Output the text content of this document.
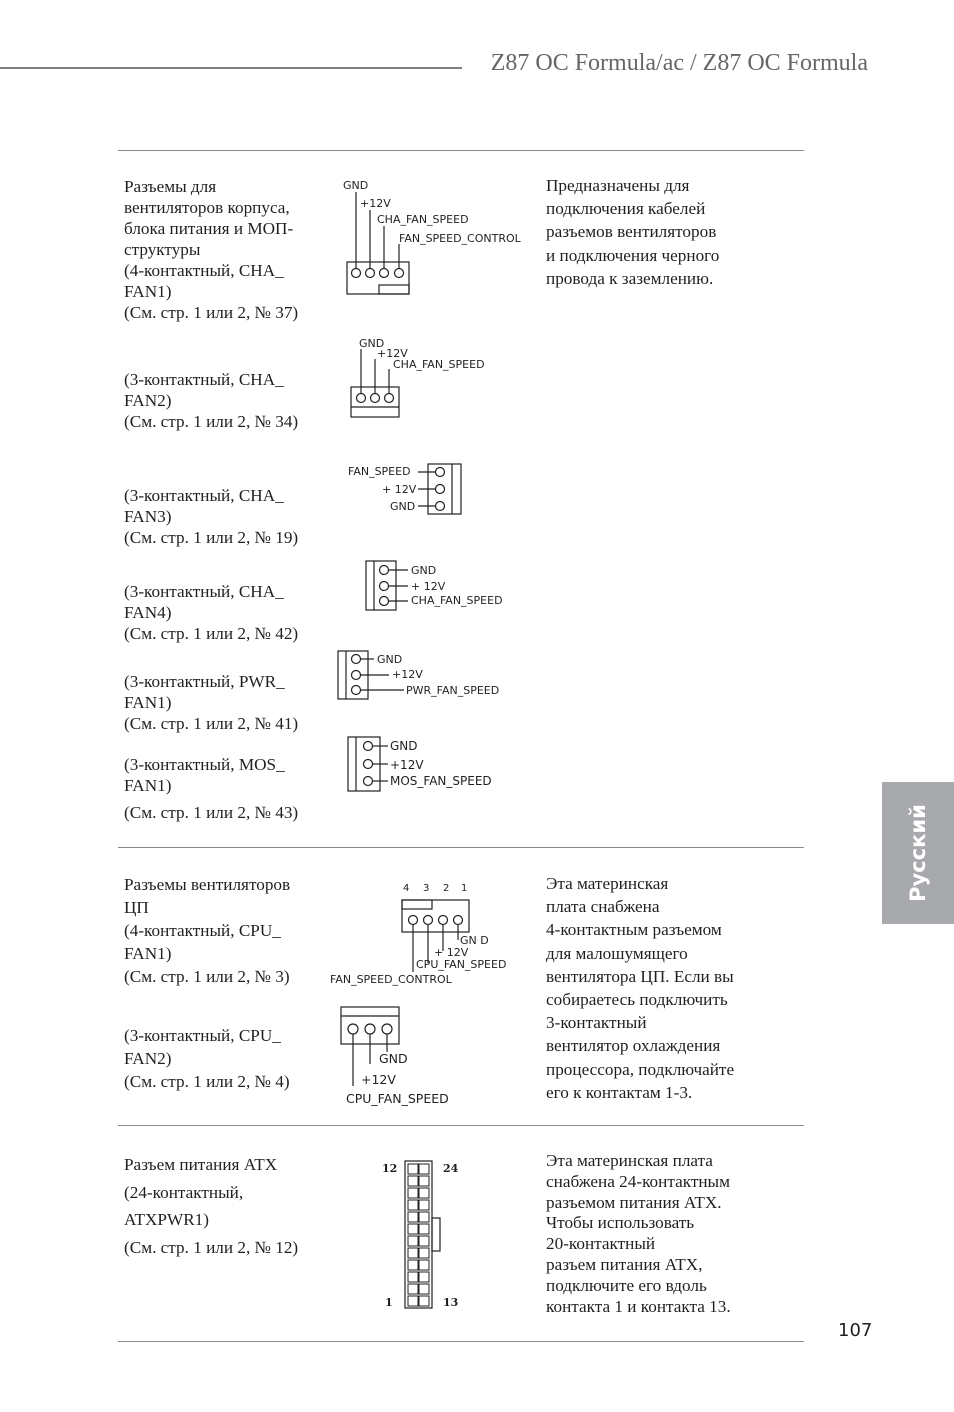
Z87 OC Formula/ac / Z87 OC Formula
Разъемы для
вентиляторов корпуса,
блока питания и МОП-
структуры
(4-контактный, CHA_
FAN1)
(См. стр. 1 или 2, № 37)
Предназначены для
подключения кабелей
разъемов вентиляторов
и подключения черного
провода к заземлению.
GND
+12V
CHA_FAN_SPEED
FAN_SPEED_CONTROL
(3-контактный, CHA_
FAN2)
(См. стр. 1 или 2, № 34)
GND
+12V
CHA_FAN_SPEED
(3-контактный, CHA_
FAN3)
(См. стр. 1 или 2, № 19)
FAN_SPEED
+ 12V
GND
(3-контактный, CHA_
FAN4)
(См. стр. 1 или 2, № 42)
GND
+ 12V
CHA_FAN_SPEED
(3-контактный, PWR_
FAN1)
(См. стр. 1 или 2, № 41)
GND
+12V
PWR_FAN_SPEED
(3-контактный, MOS_
FAN1)
(См. стр. 1 или 2, № 43)
GND
+12V
MOS_FAN_SPEED
Разъемы вентиляторов
ЦП
(4-контактный, CPU_
FAN1)
(См. стр. 1 или 2, № 3)
Эта материнская
плата снабжена
4-контактным разъемом
для малошумящего
вентилятора ЦП. Если вы
собираетесь подключить
3-контактный
вентилятор охлаждения
процессора, подключайте
его к контактам 1-3.
4 3 2 1
GN D
+ 12V
CPU_FAN_SPEED
FAN_SPEED_CONTROL
(3-контактный, CPU_
FAN2)
(См. стр. 1 или 2, № 4)
GND
+12V
CPU_FAN_SPEED
Разъем питания ATX
(24-контактный,
ATXPWR1)
(См. стр. 1 или 2, № 12)
Эта материнская плата
снабжена 24-контактным
разъемом питания ATX.
Чтобы использовать
20-контактный
разъем питания ATX,
подключите его вдоль
контакта 1 и контакта 13.
12	24
1	13
Русский
107
